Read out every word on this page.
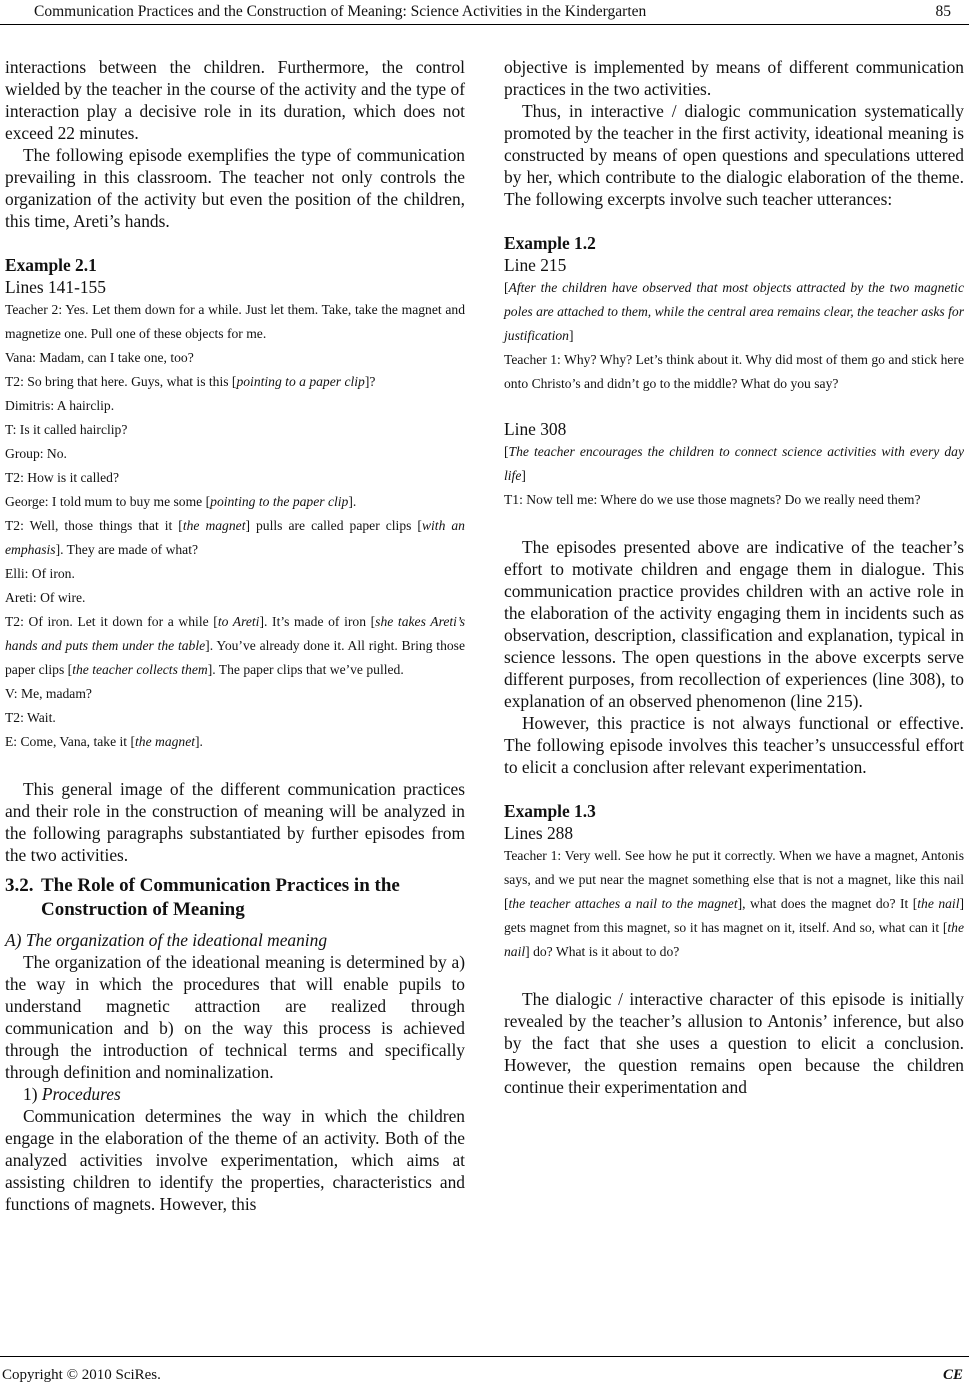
Communication Practices and the Construction of Meaning: Science Activities in the Kindergarten	85

interactions between the children. Furthermore, the control wielded by the teacher in the course of the activity and the type of interaction play a decisive role in its duration, which does not exceed 22 minutes.

The following episode exemplifies the type of communication prevailing in this classroom. The teacher not only controls the organization of the activity but even the position of the children, this time, Areti’s hands.

Example 2.1

Lines 141-155

Teacher 2: Yes. Let them down for a while. Just let them. Take, take the magnet and magnetize one. Pull one of these objects for me.

Vana: Madam, can I take one, too?

T2: So bring that here. Guys, what is this [pointing to a paper clip]?

Dimitris: A hairclip.

T: Is it called hairclip?

Group: No.

T2: How is it called?

George: I told mum to buy me some [pointing to the paper clip].

T2: Well, those things that it [the magnet] pulls are called paper clips [with an emphasis]. They are made of what?

Elli: Of iron.

Areti: Of wire.

T2: Of iron. Let it down for a while [to Areti]. It’s made of iron [she takes Areti’s hands and puts them under the table]. You’ve already done it. All right. Bring those paper clips [the teacher collects them]. The paper clips that we’ve pulled.

V: Me, madam?

T2: Wait.

E: Come, Vana, take it [the magnet].

This general image of the different communication practices and their role in the construction of meaning will be analyzed in the following paragraphs substantiated by further episodes from the two activities.

3.2. The Role of Communication Practices in the
Construction of Meaning

A) The organization of the ideational meaning

The organization of the ideational meaning is determined by a) the way in which the procedures that will enable pupils to understand magnetic attraction are realized through communication and b) on the way this process is achieved through the introduction of technical terms and specifically through definition and nominalization.

1) Procedures

Communication determines the way in which the children engage in the elaboration of the theme of an activity. Both of the analyzed activities involve experimentation, which aims at assisting children to identify the properties, characteristics and functions of magnets. However, this

objective is implemented by means of different communication practices in the two activities.

Thus, in interactive / dialogic communication systematically promoted by the teacher in the first activity, ideational meaning is constructed by means of open questions and speculations uttered by her, which contribute to the dialogic elaboration of the theme. The following excerpts involve such teacher utterances:

Example 1.2

Line 215

[After the children have observed that most objects attracted by the two magnetic poles are attached to them, while the central area remains clear, the teacher asks for justification]

Teacher 1: Why? Why? Let’s think about it. Why did most of them go and stick here onto Christo’s and didn’t go to the middle? What do you say?

Line 308

[The teacher encourages the children to connect science activities with every day life]

T1: Now tell me: Where do we use those magnets? Do we really need them?

The episodes presented above are indicative of the teacher’s effort to motivate children and engage them in dialogue. This communication practice provides children with an active role in the elaboration of the activity engaging them in incidents such as observation, description, classification and explanation, typical in science lessons. The open questions in the above excerpts serve different purposes, from recollection of experiences (line 308), to explanation of an observed phenomenon (line 215).

However, this practice is not always functional or effective. The following episode involves this teacher’s unsuccessful effort to elicit a conclusion after relevant experimentation.

Example 1.3

Lines 288

Teacher 1: Very well. See how he put it correctly. When we have a magnet, Antonis says, and we put near the magnet something else that is not a magnet, like this nail [the teacher attaches a nail to the magnet], what does the magnet do? It [the nail] gets magnet from this magnet, so it has magnet on it, itself. And so, what can it [the nail] do? What is it about to do?

The dialogic / interactive character of this episode is initially revealed by the teacher’s allusion to Antonis’ inference, but also by the fact that she uses a question to elicit a conclusion. However, the question remains open because the children continue their experimentation and

Copyright © 2010 SciRes.	CE
